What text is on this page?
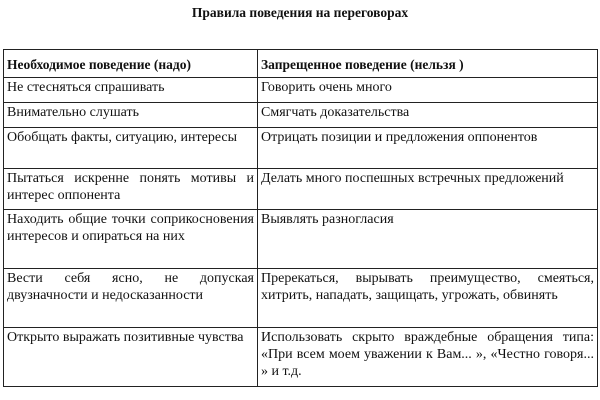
Правила поведения на переговорах
Необходимое поведение (надо)	Запрещенное поведение (нельзя )
Не стесняться спрашивать	Говорить очень много
Внимательно слушать	Смягчать доказательства
Обобщать факты, ситуацию, интересы	Отрицать позиции и предложения оппонентов
Пытаться искренне понять мотивы и интерес оппонента	Делать много поспешных встречных предложений
Находить общие точки соприкосновения интересов и опираться на них	Выявлять разногласия
Вести себя ясно, не допуская двузначности и недосказанности	Пререкаться, вырывать преимущество, смеяться, хитрить, нападать, защищать, угрожать, обвинять
Открыто выражать позитивные чувства	Использовать скрыто враждебные обращения типа: «При всем моем уважении к Вам... », «Честно говоря... » и т.д.
